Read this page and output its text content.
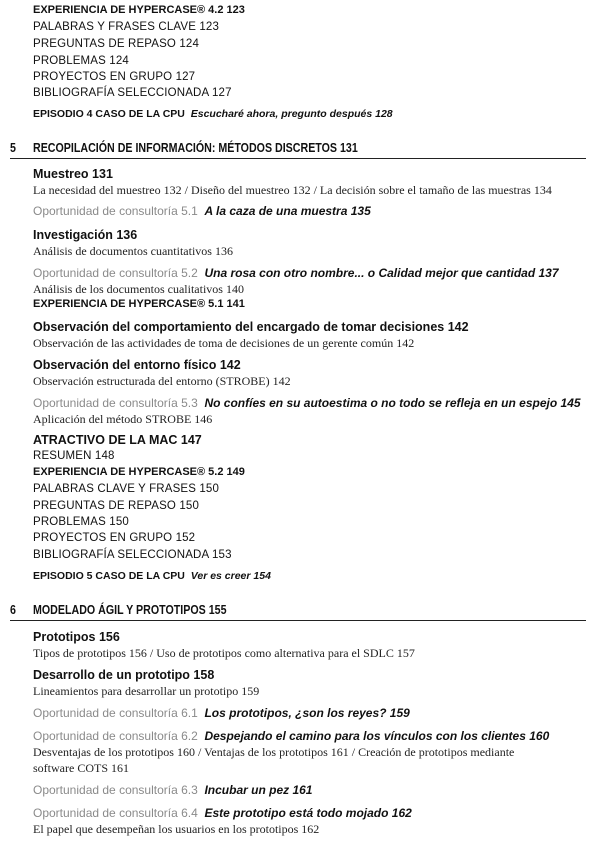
EXPERIENCIA DE HYPERCASE® 4.2 123
PALABRAS Y FRASES CLAVE 123
PREGUNTAS DE REPASO 124
PROBLEMAS 124
PROYECTOS EN GRUPO 127
BIBLIOGRAFÍA SELECCIONADA 127
EPISODIO 4 CASO DE LA CPU Escucharé ahora, pregunto después 128
5 RECOPILACIÓN DE INFORMACIÓN: MÉTODOS DISCRETOS 131
Muestreo 131
La necesidad del muestreo 132 / Diseño del muestreo 132 / La decisión sobre el tamaño de las muestras 134
Oportunidad de consultoría 5.1 A la caza de una muestra 135
Investigación 136
Análisis de documentos cuantitativos 136
Oportunidad de consultoría 5.2 Una rosa con otro nombre... o Calidad mejor que cantidad 137
Análisis de los documentos cualitativos 140
EXPERIENCIA DE HYPERCASE® 5.1 141
Observación del comportamiento del encargado de tomar decisiones 142
Observación de las actividades de toma de decisiones de un gerente común 142
Observación del entorno físico 142
Observación estructurada del entorno (STROBE) 142
Oportunidad de consultoría 5.3 No confíes en su autoestima o no todo se refleja en un espejo 145
Aplicación del método STROBE 146
ATRACTIVO DE LA MAC 147
RESUMEN 148
EXPERIENCIA DE HYPERCASE® 5.2 149
PALABRAS CLAVE Y FRASES 150
PREGUNTAS DE REPASO 150
PROBLEMAS 150
PROYECTOS EN GRUPO 152
BIBLIOGRAFÍA SELECCIONADA 153
EPISODIO 5 CASO DE LA CPU Ver es creer 154
6 MODELADO ÁGIL Y PROTOTIPOS 155
Prototipos 156
Tipos de prototipos 156 / Uso de prototipos como alternativa para el SDLC 157
Desarrollo de un prototipo 158
Lineamientos para desarrollar un prototipo 159
Oportunidad de consultoría 6.1 Los prototipos, ¿son los reyes? 159
Oportunidad de consultoría 6.2 Despejando el camino para los vínculos con los clientes 160
Desventajas de los prototipos 160 / Ventajas de los prototipos 161 / Creación de prototipos mediante
software COTS 161
Oportunidad de consultoría 6.3 Incubar un pez 161
Oportunidad de consultoría 6.4 Este prototipo está todo mojado 162
El papel que desempeñan los usuarios en los prototipos 162
